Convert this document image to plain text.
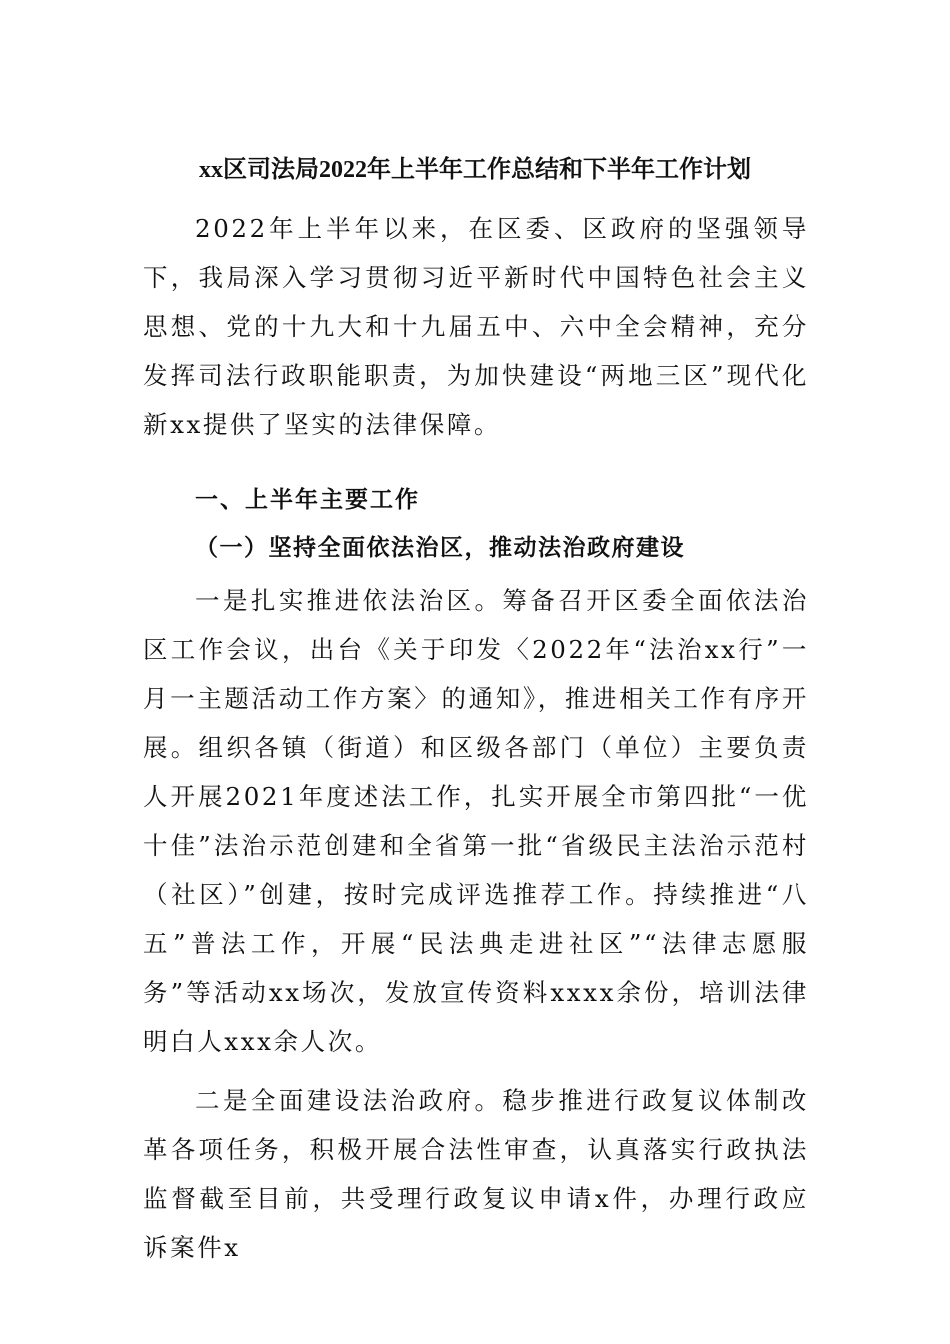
xx区司法局2022年上半年工作总结和下半年工作计划

2022年上半年以来，在区委、区政府的坚强领导下，我局深入学习贯彻习近平新时代中国特色社会主义思想、党的十九大和十九届五中、六中全会精神，充分发挥司法行政职能职责，为加快建设“两地三区”现代化新xx提供了坚实的法律保障。

一、上半年主要工作
（一）坚持全面依法治区，推动法治政府建设

一是扎实推进依法治区。筹备召开区委全面依法治区工作会议，出台《关于印发〈2022年“法治xx行”一月一主题活动工作方案〉的通知》，推进相关工作有序开展。组织各镇（街道）和区级各部门（单位）主要负责人开展2021年度述法工作，扎实开展全市第四批“一优十佳”法治示范创建和全省第一批“省级民主法治示范村（社区）”创建，按时完成评选推荐工作。持续推进“八五”普法工作，开展“民法典走进社区”“法律志愿服务”等活动xx场次，发放宣传资料xxxx余份，培训法律明白人xxx余人次。

二是全面建设法治政府。稳步推进行政复议体制改革各项任务，积极开展合法性审查，认真落实行政执法监督截至目前，共受理行政复议申请x件，办理行政应诉案件x
